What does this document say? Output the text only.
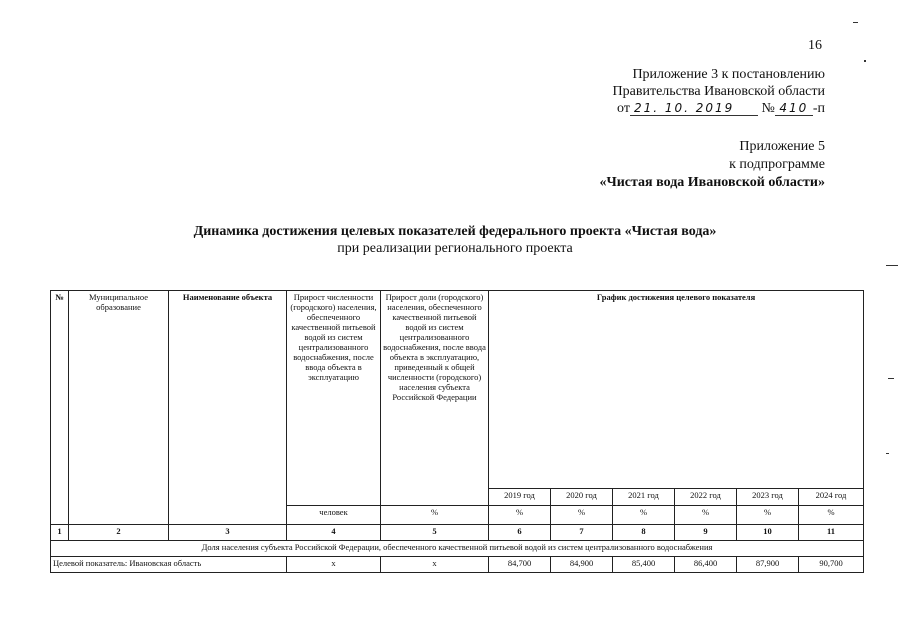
16
Приложение 3 к постановлению
Правительства Ивановской области
от 21. 10. 2019 № 410 -п
Приложение 5
к подпрограмме
«Чистая вода Ивановской области»
Динамика достижения целевых показателей федерального проекта «Чистая вода»
при реализации регионального проекта
№	Муниципальное образование	Наименование объекта	Прирост численности (городского) населения, обеспеченного качественной питьевой водой из систем централизованного водоснабжения, после ввода объекта в эксплуатацию	Прирост доли (городского) населения, обеспеченного качественной питьевой водой из систем централизованного водоснабжения, после ввода объекта в эксплуатацию, приведенный к общей численности (городского) населения субъекта Российской Федерации	График достижения целевого показателя					
					2019 год	2020 год	2021 год	2022 год	2023 год	2024 год
			человек	%	%	%	%	%	%	%
1	2	3	4	5	6	7	8	9	10	11
Доля населения субъекта Российской Федерации, обеспеченного качественной питьевой водой из систем централизованного водоснабжения										
Целевой показатель: Ивановская область			х	х	84,700	84,900	85,400	86,400	87,900	90,700
